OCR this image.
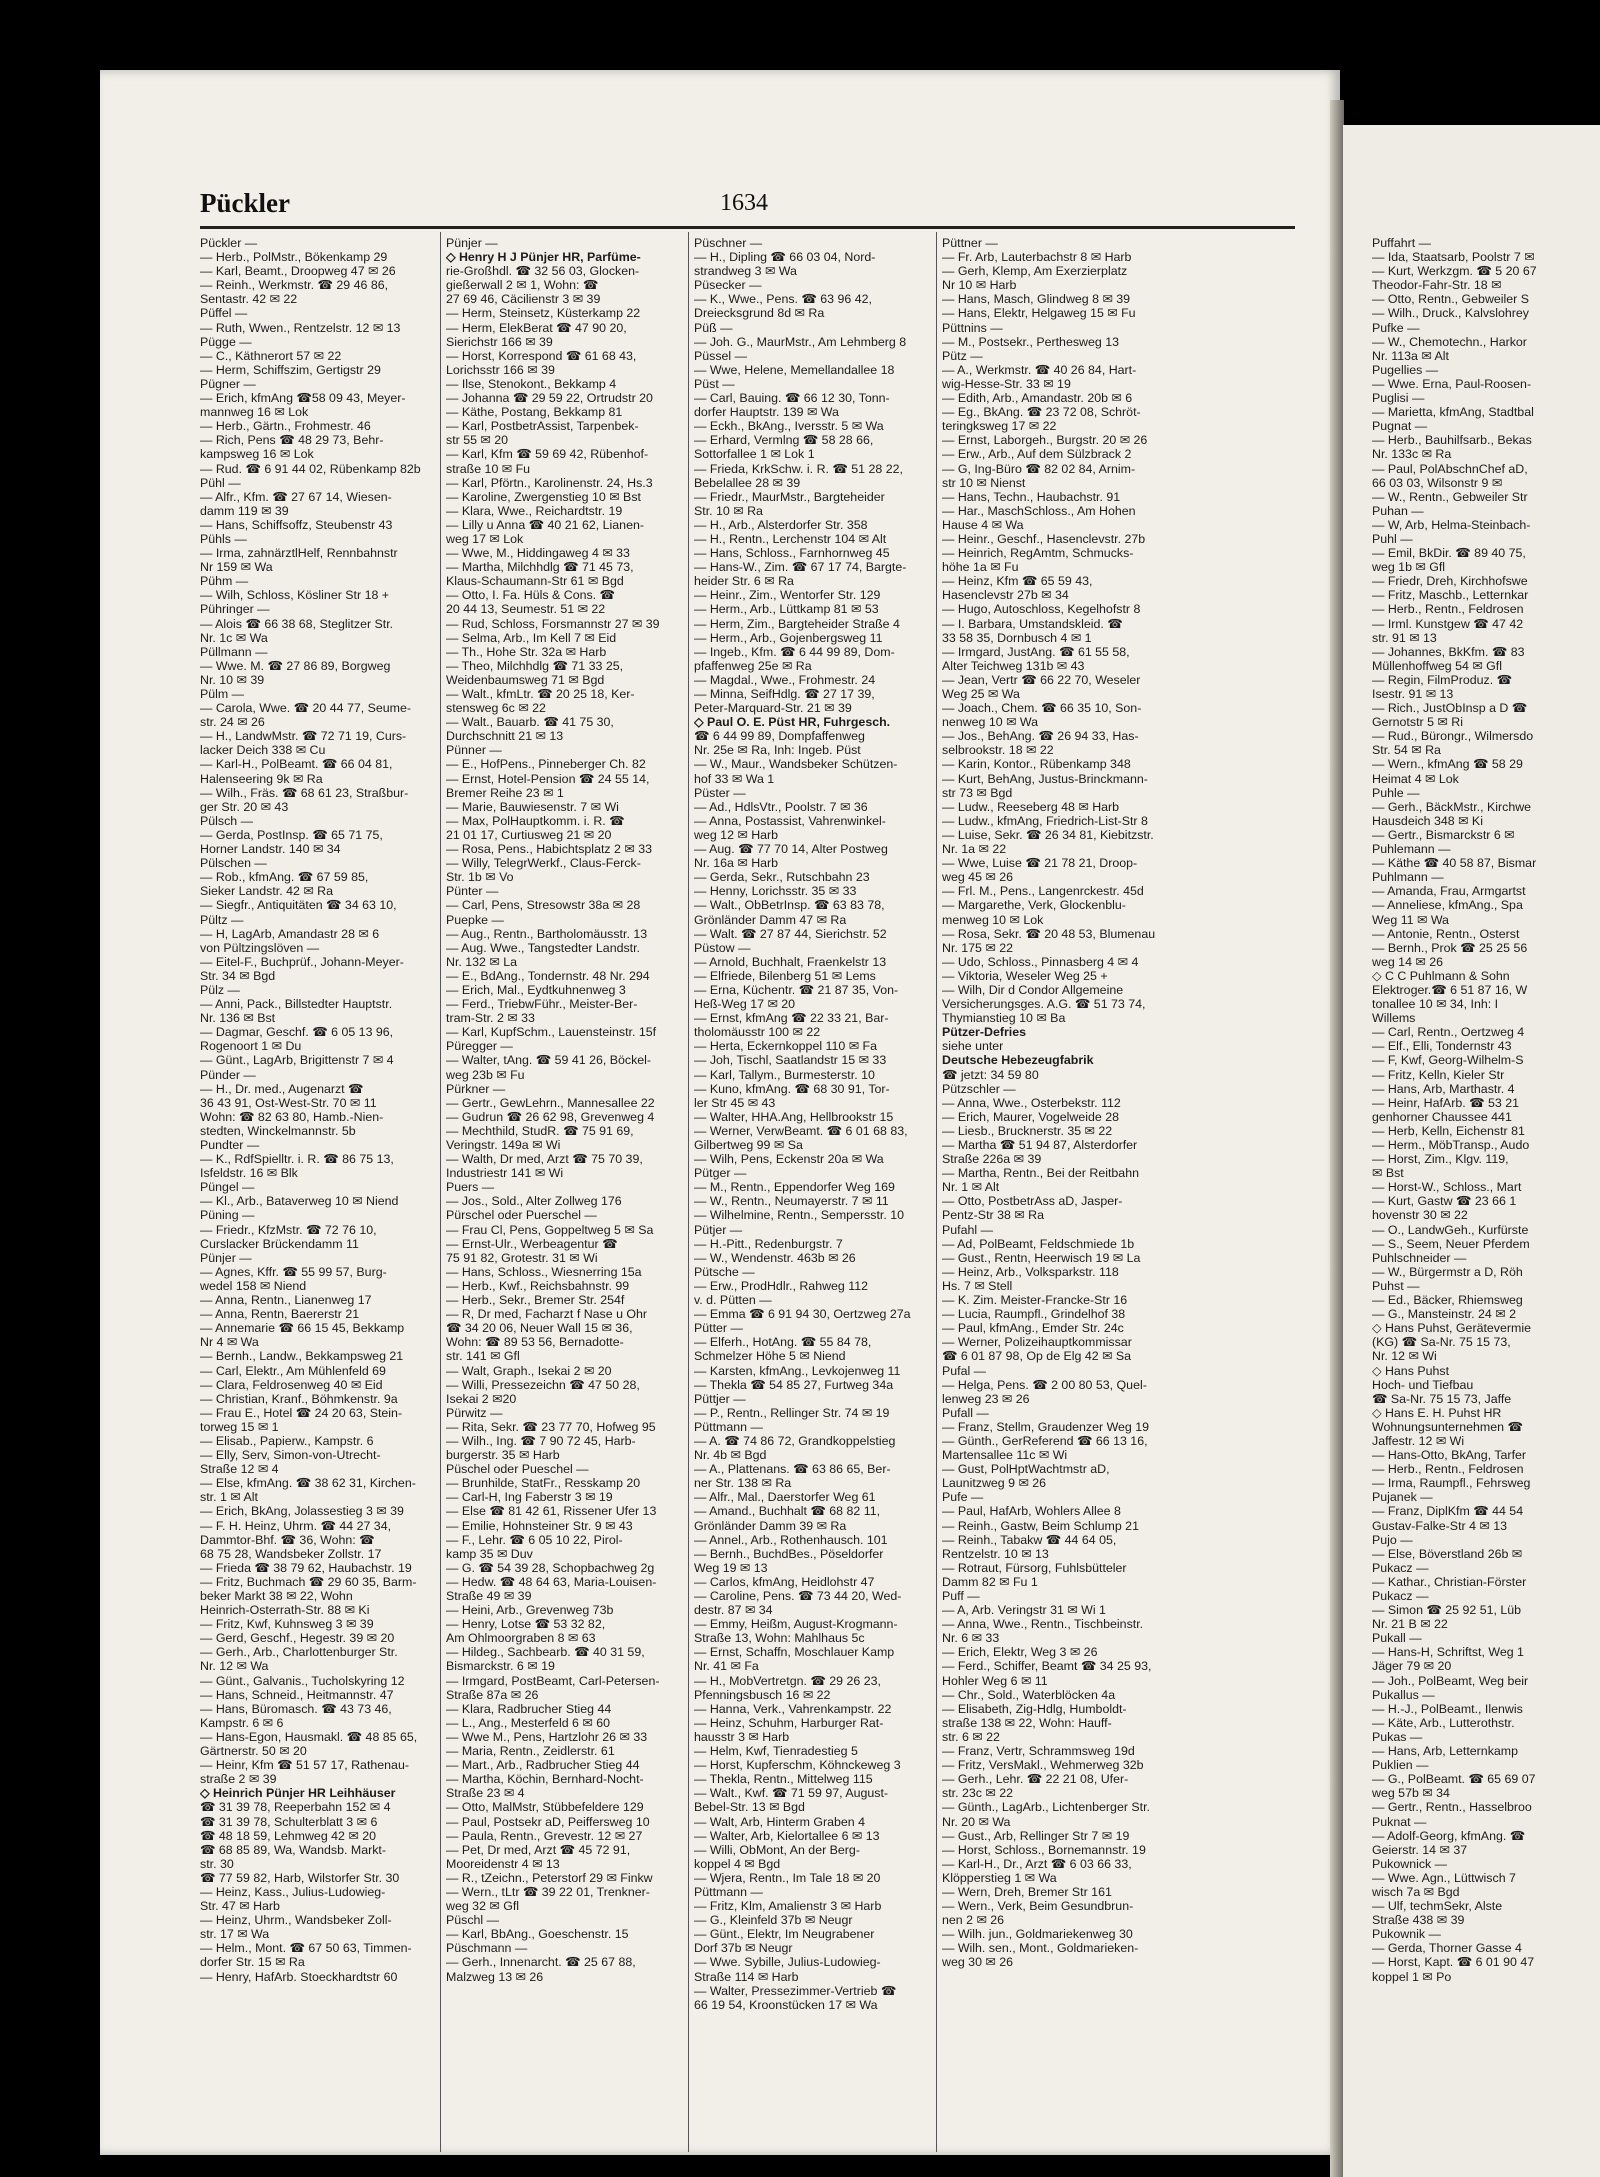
Pückler	1634
Pückler —
— Herb., PolMstr., Bökenkamp 29
— Karl, Beamt., Droopweg 47 ✉ 26
— Reinh., Werkmstr. ☎ 29 46 86,
Sentastr. 42 ✉ 22
Püffel —
— Ruth, Wwen., Rentzelstr. 12 ✉ 13
Pügge —
— C., Käthnerort 57 ✉ 22
— Herm, Schiffszim, Gertigstr 29
Pügner —
— Erich, kfmAng ☎58 09 43, Meyer-
mannweg 16 ✉ Lok
— Herb., Gärtn., Frohmestr. 46
— Rich, Pens ☎ 48 29 73, Behr-
kampsweg 16 ✉ Lok
— Rud. ☎ 6 91 44 02, Rübenkamp 82b
Pühl —
— Alfr., Kfm. ☎ 27 67 14, Wiesen-
damm 119 ✉ 39
— Hans, Schiffsoffz, Steubenstr 43
Pühls —
— Irma, zahnärztlHelf, Rennbahnstr
Nr 159 ✉ Wa
Pühm —
— Wilh, Schloss, Kösliner Str 18 +
Pühringer —
— Alois ☎ 66 38 68, Steglitzer Str.
Nr. 1c ✉ Wa
Püllmann —
— Wwe. M. ☎ 27 86 89, Borgweg
Nr. 10 ✉ 39
Pülm —
— Carola, Wwe. ☎ 20 44 77, Seume-
str. 24 ✉ 26
— H., LandwMstr. ☎ 72 71 19, Curs-
lacker Deich 338 ✉ Cu
— Karl-H., PolBeamt. ☎ 66 04 81,
Halenseering 9k ✉ Ra
— Wilh., Fräs. ☎ 68 61 23, Straßbur-
ger Str. 20 ✉ 43
Pülsch —
— Gerda, PostInsp. ☎ 65 71 75,
Horner Landstr. 140 ✉ 34
Pülschen —
— Rob., kfmAng. ☎ 67 59 85,
Sieker Landstr. 42 ✉ Ra
— Siegfr., Antiquitäten ☎ 34 63 10,
Pültz —
— H, LagArb, Amandastr 28 ✉ 6
von Pültzingslöven —
— Eitel-F., Buchprüf., Johann-Meyer-
Str. 34 ✉ Bgd
Pülz —
— Anni, Pack., Billstedter Hauptstr.
Nr. 136 ✉ Bst
— Dagmar, Geschf. ☎ 6 05 13 96,
Rogenoort 1 ✉ Du
— Günt., LagArb, Brigittenstr 7 ✉ 4
Pünder —
— H., Dr. med., Augenarzt ☎
36 43 91, Ost-West-Str. 70 ✉ 11
Wohn: ☎ 82 63 80, Hamb.-Nien-
stedten, Winckelmannstr. 5b
Pundter —
— K., RdfSpielltr. i. R. ☎ 86 75 13,
Isfeldstr. 16 ✉ Blk
Püngel —
— Kl., Arb., Bataverweg 10 ✉ Niend
Püning —
— Friedr., KfzMstr. ☎ 72 76 10,
Curslacker Brückendamm 11
Pünjer —
— Agnes, Kffr. ☎ 55 99 57, Burg-
wedel 158 ✉ Niend
— Anna, Rentn., Lianenweg 17
— Anna, Rentn, Baererstr 21
— Annemarie ☎ 66 15 45, Bekkamp
Nr 4 ✉ Wa
— Bernh., Landw., Bekkampsweg 21
— Carl, Elektr., Am Mühlenfeld 69
— Clara, Feldrosenweg 40 ✉ Eid
— Christian, Kranf., Böhmkenstr. 9a
— Frau E., Hotel ☎ 24 20 63, Stein-
torweg 15 ✉ 1
— Elisab., Papierw., Kampstr. 6
— Elly, Serv, Simon-von-Utrecht-
Straße 12 ✉ 4
— Else, kfmAng. ☎ 38 62 31, Kirchen-
str. 1 ✉ Alt
— Erich, BkAng, Jolassestieg 3 ✉ 39
— F. H. Heinz, Uhrm. ☎ 44 27 34,
Dammtor-Bhf. ☎ 36, Wohn: ☎
68 75 28, Wandsbeker Zollstr. 17
— Frieda ☎ 38 79 62, Haubachstr. 19
— Fritz, Buchmach ☎ 29 60 35, Barm-
beker Markt 38 ✉ 22, Wohn
Heinrich-Osterrath-Str. 88 ✉ Ki
— Fritz, Kwf, Kuhnsweg 3 ✉ 39
— Gerd, Geschf., Hegestr. 39 ✉ 20
— Gerh., Arb., Charlottenburger Str.
Nr. 12 ✉ Wa
— Günt., Galvanis., Tucholskyring 12
— Hans, Schneid., Heitmannstr. 47
— Hans, Büromasch. ☎ 43 73 46,
Kampstr. 6 ✉ 6
— Hans-Egon, Hausmakl. ☎ 48 85 65,
Gärtnerstr. 50 ✉ 20
— Heinr, Kfm ☎ 51 57 17, Rathenau-
straße 2 ✉ 39
◇ Heinrich Pünjer HR Leihhäuser
☎ 31 39 78, Reeperbahn 152 ✉ 4
☎ 31 39 78, Schulterblatt 3 ✉ 6
☎ 48 18 59, Lehmweg 42 ✉ 20
☎ 68 85 89, Wa, Wandsb. Markt-
str. 30
☎ 77 59 82, Harb, Wilstorfer Str. 30
— Heinz, Kass., Julius-Ludowieg-
Str. 47 ✉ Harb
— Heinz, Uhrm., Wandsbeker Zoll-
str. 17 ✉ Wa
— Helm., Mont. ☎ 67 50 63, Timmen-
dorfer Str. 15 ✉ Ra
— Henry, HafArb. Stoeckhardtstr 60
Pünjer —
◇ Henry H J Pünjer HR, Parfüme-
rie-Großhdl. ☎ 32 56 03, Glocken-
gießerwall 2 ✉ 1, Wohn: ☎
27 69 46, Cäcilienstr 3 ✉ 39
— Herm, Steinsetz, Küsterkamp 22
— Herm, ElekBerat ☎ 47 90 20,
Sierichstr 166 ✉ 39
— Horst, Korrespond ☎ 61 68 43,
Lorichsstr 166 ✉ 39
— Ilse, Stenokont., Bekkamp 4
— Johanna ☎ 29 59 22, Ortrudstr 20
— Käthe, Postang, Bekkamp 81
— Karl, PostbetrAssist, Tarpenbek-
str 55 ✉ 20
— Karl, Kfm ☎ 59 69 42, Rübenhof-
straße 10 ✉ Fu
— Karl, Pförtn., Karolinenstr. 24, Hs.3
— Karoline, Zwergenstieg 10 ✉ Bst
— Klara, Wwe., Reichardtstr. 19
— Lilly u Anna ☎ 40 21 62, Lianen-
weg 17 ✉ Lok
— Wwe, M., Hiddingaweg 4 ✉ 33
— Martha, Milchhdlg ☎ 71 45 73,
Klaus-Schaumann-Str 61 ✉ Bgd
— Otto, I. Fa. Hüls & Cons. ☎
20 44 13, Seumestr. 51 ✉ 22
— Rud, Schloss, Forsmannstr 27 ✉ 39
— Selma, Arb., Im Kell 7 ✉ Eid
— Th., Hohe Str. 32a ✉ Harb
— Theo, Milchhdlg ☎ 71 33 25,
Weidenbaumsweg 71 ✉ Bgd
— Walt., kfmLtr. ☎ 20 25 18, Ker-
stensweg 6c ✉ 22
— Walt., Bauarb. ☎ 41 75 30,
Durchschnitt 21 ✉ 13
Pünner —
— E., HofPens., Pinneberger Ch. 82
— Ernst, Hotel-Pension ☎ 24 55 14,
Bremer Reihe 23 ✉ 1
— Marie, Bauwiesenstr. 7 ✉ Wi
— Max, PolHauptkomm. i. R. ☎
21 01 17, Curtiusweg 21 ✉ 20
— Rosa, Pens., Habichtsplatz 2 ✉ 33
— Willy, TelegrWerkf., Claus-Ferck-
Str. 1b ✉ Vo
Pünter —
— Carl, Pens, Stresowstr 38a ✉ 28
Puepke —
— Aug., Rentn., Bartholomäusstr. 13
— Aug. Wwe., Tangstedter Landstr.
Nr. 132 ✉ La
— E., BdAng., Tondernstr. 48 Nr. 294
— Erich, Mal., Eydtkuhnenweg 3
— Ferd., TriebwFühr., Meister-Ber-
tram-Str. 2 ✉ 33
— Karl, KupfSchm., Lauensteinstr. 15f
Püregger —
— Walter, tAng. ☎ 59 41 26, Böckel-
weg 23b ✉ Fu
Pürkner —
— Gertr., GewLehrn., Mannesallee 22
— Gudrun ☎ 26 62 98, Grevenweg 4
— Mechthild, StudR. ☎ 75 91 69,
Veringstr. 149a ✉ Wi
— Walth, Dr med, Arzt ☎ 75 70 39,
Industriestr 141 ✉ Wi
Puers —
— Jos., Sold., Alter Zollweg 176
Pürschel oder Puerschel —
— Frau Cl, Pens, Goppeltweg 5 ✉ Sa
— Ernst-Ulr., Werbeagentur ☎
75 91 82, Grotestr. 31 ✉ Wi
— Hans, Schloss., Wiesnerring 15a
— Herb., Kwf., Reichsbahnstr. 99
— Herb., Sekr., Bremer Str. 254f
— R, Dr med, Facharzt f Nase u Ohr
☎ 34 20 06, Neuer Wall 15 ✉ 36,
Wohn: ☎ 89 53 56, Bernadotte-
str. 141 ✉ Gfl
— Walt, Graph., Isekai 2 ✉ 20
— Willi, Pressezeichn ☎ 47 50 28,
Isekai 2 ✉20
Pürwitz —
— Rita, Sekr. ☎ 23 77 70, Hofweg 95
— Wilh., Ing. ☎ 7 90 72 45, Harb-
burgerstr. 35 ✉ Harb
Püschel oder Pueschel —
— Brunhilde, StatFr., Resskamp 20
— Carl-H, Ing Faberstr 3 ✉ 19
— Else ☎ 81 42 61, Rissener Ufer 13
— Emilie, Hohnsteiner Str. 9 ✉ 43
— F., Lehr. ☎ 6 05 10 22, Pirol-
kamp 35 ✉ Duv
— G. ☎ 54 39 28, Schopbachweg 2g
— Hedw. ☎ 48 64 63, Maria-Louisen-
Straße 49 ✉ 39
— Heini, Arb., Grevenweg 73b
— Henry, Lotse ☎ 53 32 82,
Am Ohlmoorgraben 8 ✉ 63
— Hildeg., Sachbearb. ☎ 40 31 59,
Bismarckstr. 6 ✉ 19
— Irmgard, PostBeamt, Carl-Petersen-
Straße 87a ✉ 26
— Klara, Radbrucher Stieg 44
— L., Ang., Mesterfeld 6 ✉ 60
— Wwe M., Pens, Hartzlohr 26 ✉ 33
— Maria, Rentn., Zeidlerstr. 61
— Mart., Arb., Radbrucher Stieg 44
— Martha, Köchin, Bernhard-Nocht-
Straße 23 ✉ 4
— Otto, MalMstr, Stübbefeldere 129
— Paul, Postsekr aD, Peiffersweg 10
— Paula, Rentn., Grevestr. 12 ✉ 27
— Pet, Dr med, Arzt ☎ 45 72 91,
Mooreidenstr 4 ✉ 13
— R., tZeichn., Peterstorf 29 ✉ Finkw
— Wern., tLtr ☎ 39 22 01, Trenkner-
weg 32 ✉ Gfl
Püschl —
— Karl, BbAng., Goeschenstr. 15
Püschmann —
— Gerh., Innenarcht. ☎ 25 67 88,
Malzweg 13 ✉ 26
Püschner —
— H., Dipling ☎ 66 03 04, Nord-
strandweg 3 ✉ Wa
Püsecker —
— K., Wwe., Pens. ☎ 63 96 42,
Dreiecksgrund 8d ✉ Ra
Püß —
— Joh. G., MaurMstr., Am Lehmberg 8
Püssel —
— Wwe, Helene, Memellandallee 18
Püst —
— Carl, Bauing. ☎ 66 12 30, Tonn-
dorfer Hauptstr. 139 ✉ Wa
— Eckh., BkAng., Iversstr. 5 ✉ Wa
— Erhard, Vermlng ☎ 58 28 66,
Sottorfallee 1 ✉ Lok 1
— Frieda, KrkSchw. i. R. ☎ 51 28 22,
Bebelallee 28 ✉ 39
— Friedr., MaurMstr., Bargteheider
Str. 10 ✉ Ra
— H., Arb., Alsterdorfer Str. 358
— H., Rentn., Lerchenstr 104 ✉ Alt
— Hans, Schloss., Farnhornweg 45
— Hans-W., Zim. ☎ 67 17 74, Bargte-
heider Str. 6 ✉ Ra
— Heinr., Zim., Wentorfer Str. 129
— Herm., Arb., Lüttkamp 81 ✉ 53
— Herm, Zim., Bargteheider Straße 4
— Herm., Arb., Gojenbergsweg 11
— Ingeb., Kfm. ☎ 6 44 99 89, Dom-
pfaffenweg 25e ✉ Ra
— Magdal., Wwe., Frohmestr. 24
— Minna, SeifHdlg. ☎ 27 17 39,
Peter-Marquard-Str. 21 ✉ 39
◇ Paul O. E. Püst HR, Fuhrgesch.
☎ 6 44 99 89, Dompfaffenweg
Nr. 25e ✉ Ra, Inh: Ingeb. Püst
— W., Maur., Wandsbeker Schützen-
hof 33 ✉ Wa 1
Püster —
— Ad., HdlsVtr., Poolstr. 7 ✉ 36
— Anna, Postassist, Vahrenwinkel-
weg 12 ✉ Harb
— Aug. ☎ 77 70 14, Alter Postweg
Nr. 16a ✉ Harb
— Gerda, Sekr., Rutschbahn 23
— Henny, Lorichsstr. 35 ✉ 33
— Walt., ObBetrInsp. ☎ 63 83 78,
Grönländer Damm 47 ✉ Ra
— Walt. ☎ 27 87 44, Sierichstr. 52
Püstow —
— Arnold, Buchhalt, Fraenkelstr 13
— Elfriede, Bilenberg 51 ✉ Lems
— Erna, Küchentr. ☎ 21 87 35, Von-
Heß-Weg 17 ✉ 20
— Ernst, kfmAng ☎ 22 33 21, Bar-
tholomäusstr 100 ✉ 22
— Herta, Eckernkoppel 110 ✉ Fa
— Joh, Tischl, Saatlandstr 15 ✉ 33
— Karl, Tallym., Burmesterstr. 10
— Kuno, kfmAng. ☎ 68 30 91, Tor-
ler Str 45 ✉ 43
— Walter, HHA.Ang, Hellbrookstr 15
— Werner, VerwBeamt. ☎ 6 01 68 83,
Gilbertweg 99 ✉ Sa
— Wilh, Pens, Eckenstr 20a ✉ Wa
Pütger —
— M., Rentn., Eppendorfer Weg 169
— W., Rentn., Neumayerstr. 7 ✉ 11
— Wilhelmine, Rentn., Sempersstr. 10
Pütjer —
— H.-Pitt., Redenburgstr. 7
— W., Wendenstr. 463b ✉ 26
Pütsche —
— Erw., ProdHdlr., Rahweg 112
v. d. Pütten —
— Emma ☎ 6 91 94 30, Oertzweg 27a
Pütter —
— Elferh., HotAng. ☎ 55 84 78,
Schmelzer Höhe 5 ✉ Niend
— Karsten, kfmAng., Levkojenweg 11
— Thekla ☎ 54 85 27, Furtweg 34a
Püttjer —
— P., Rentn., Rellinger Str. 74 ✉ 19
Püttmann —
— A. ☎ 74 86 72, Grandkoppelstieg
Nr. 4b ✉ Bgd
— A., Plattenans. ☎ 63 86 65, Ber-
ner Str. 138 ✉ Ra
— Alfr., Mal., Daerstorfer Weg 61
— Amand., Buchhalt ☎ 68 82 11,
Grönländer Damm 39 ✉ Ra
— Annel., Arb., Rothenhausch. 101
— Bernh., BuchdBes., Pöseldorfer
Weg 19 ✉ 13
— Carlos, kfmAng, Heidlohstr 47
— Caroline, Pens. ☎ 73 44 20, Wed-
destr. 87 ✉ 34
— Emmy, Heißm, August-Krogmann-
Straße 13, Wohn: Mahlhaus 5c
— Ernst, Schaffn, Moschlauer Kamp
Nr. 41 ✉ Fa
— H., MobVertretgn. ☎ 29 26 23,
Pfenningsbusch 16 ✉ 22
— Hanna, Verk., Vahrenkampstr. 22
— Heinz, Schuhm, Harburger Rat-
hausstr 3 ✉ Harb
— Helm, Kwf, Tienradestieg 5
— Horst, Kupferschm, Köhnckeweg 3
— Thekla, Rentn., Mittelweg 115
— Walt., Kwf. ☎ 71 59 97, August-
Bebel-Str. 13 ✉ Bgd
— Walt, Arb, Hinterm Graben 4
— Walter, Arb, Kielortallee 6 ✉ 13
— Willi, ObMont, An der Berg-
koppel 4 ✉ Bgd
— Wjera, Rentn., Im Tale 18 ✉ 20
Püttmann —
— Fritz, Klm, Amalienstr 3 ✉ Harb
— G., Kleinfeld 37b ✉ Neugr
— Günt., Elektr, Im Neugrabener
Dorf 37b ✉ Neugr
— Wwe. Sybille, Julius-Ludowieg-
Straße 114 ✉ Harb
— Walter, Pressezimmer-Vertrieb ☎
66 19 54, Kroonstücken 17 ✉ Wa
Püttner —
— Fr. Arb, Lauterbachstr 8 ✉ Harb
— Gerh, Klemp, Am Exerzierplatz
Nr 10 ✉ Harb
— Hans, Masch, Glindweg 8 ✉ 39
— Hans, Elektr, Helgaweg 15 ✉ Fu
Püttnins —
— M., Postsekr., Perthesweg 13
Pütz —
— A., Werkmstr. ☎ 40 26 84, Hart-
wig-Hesse-Str. 33 ✉ 19
— Edith, Arb., Amandastr. 20b ✉ 6
— Eg., BkAng. ☎ 23 72 08, Schröt-
teringksweg 17 ✉ 22
— Ernst, Laborgeh., Burgstr. 20 ✉ 26
— Erw., Arb., Auf dem Sülzbrack 2
— G, Ing-Büro ☎ 82 02 84, Arnim-
str 10 ✉ Nienst
— Hans, Techn., Haubachstr. 91
— Har., MaschSchloss., Am Hohen
Hause 4 ✉ Wa
— Heinr., Geschf., Hasenclevstr. 27b
— Heinrich, RegAmtm, Schmucks-
höhe 1a ✉ Fu
— Heinz, Kfm ☎ 65 59 43,
Hasenclevstr 27b ✉ 34
— Hugo, Autoschloss, Kegelhofstr 8
— I. Barbara, Umstandskleid. ☎
33 58 35, Dornbusch 4 ✉ 1
— Irmgard, JustAng. ☎ 61 55 58,
Alter Teichweg 131b ✉ 43
— Jean, Vertr ☎ 66 22 70, Weseler
Weg 25 ✉ Wa
— Joach., Chem. ☎ 66 35 10, Son-
nenweg 10 ✉ Wa
— Jos., BehAng. ☎ 26 94 33, Has-
selbrookstr. 18 ✉ 22
— Karin, Kontor., Rübenkamp 348
— Kurt, BehAng, Justus-Brinckmann-
str 73 ✉ Bgd
— Ludw., Reeseberg 48 ✉ Harb
— Ludw., kfmAng, Friedrich-List-Str 8
— Luise, Sekr. ☎ 26 34 81, Kiebitzstr.
Nr. 1a ✉ 22
— Wwe, Luise ☎ 21 78 21, Droop-
weg 45 ✉ 26
— Frl. M., Pens., Langenrckestr. 45d
— Margarethe, Verk, Glockenblu-
menweg 10 ✉ Lok
— Rosa, Sekr. ☎ 20 48 53, Blumenau
Nr. 175 ✉ 22
— Udo, Schloss., Pinnasberg 4 ✉ 4
— Viktoria, Weseler Weg 25 +
— Wilh, Dir d Condor Allgemeine
Versicherungsges. A.G. ☎ 51 73 74,
Thymianstieg 10 ✉ Ba
Pützer-Defries
siehe unter
Deutsche Hebezeugfabrik
☎ jetzt: 34 59 80
Pützschler —
— Anna, Wwe., Osterbekstr. 112
— Erich, Maurer, Vogelweide 28
— Liesb., Brucknerstr. 35 ✉ 22
— Martha ☎ 51 94 87, Alsterdorfer
Straße 226a ✉ 39
— Martha, Rentn., Bei der Reitbahn
Nr. 1 ✉ Alt
— Otto, PostbetrAss aD, Jasper-
Pentz-Str 38 ✉ Ra
Pufahl —
— Ad, PolBeamt, Feldschmiede 1b
— Gust., Rentn, Heerwisch 19 ✉ La
— Heinz, Arb., Volksparkstr. 118
Hs. 7 ✉ Stell
— K. Zim. Meister-Francke-Str 16
— Lucia, Raumpfl., Grindelhof 38
— Paul, kfmAng., Emder Str. 24c
— Werner, Polizeihauptkommissar
☎ 6 01 87 98, Op de Elg 42 ✉ Sa
Pufal —
— Helga, Pens. ☎ 2 00 80 53, Quel-
lenweg 23 ✉ 26
Pufall —
— Franz, Stellm, Graudenzer Weg 19
— Günth., GerReferend ☎ 66 13 16,
Martensallee 11c ✉ Wi
— Gust, PolHptWachtmstr aD,
Launitzweg 9 ✉ 26
Pufe —
— Paul, HafArb, Wohlers Allee 8
— Reinh., Gastw, Beim Schlump 21
— Reinh., Tabakw ☎ 44 64 05,
Rentzelstr. 10 ✉ 13
— Rotraut, Fürsorg, Fuhlsbütteler
Damm 82 ✉ Fu 1
Puff —
— A, Arb. Veringstr 31 ✉ Wi 1
— Anna, Wwe., Rentn., Tischbeinstr.
Nr. 6 ✉ 33
— Erich, Elektr, Weg 3 ✉ 26
— Ferd., Schiffer, Beamt ☎ 34 25 93,
Hohler Weg 6 ✉ 11
— Chr., Sold., Waterblöcken 4a
— Elisabeth, Zig-Hdlg, Humboldt-
straße 138 ✉ 22, Wohn: Hauff-
str. 6 ✉ 22
— Franz, Vertr, Schrammsweg 19d
— Fritz, VersMakl., Wehmerweg 32b
— Gerh., Lehr. ☎ 22 21 08, Ufer-
str. 23c ✉ 22
— Günth., LagArb., Lichtenberger Str.
Nr. 20 ✉ Wa
— Gust., Arb, Rellinger Str 7 ✉ 19
— Horst, Schloss., Bornemannstr. 19
— Karl-H., Dr., Arzt ☎ 6 03 66 33,
Klöpperstieg 1 ✉ Wa
— Wern, Dreh, Bremer Str 161
— Wern., Verk, Beim Gesundbrun-
nen 2 ✉ 26
— Wilh. jun., Goldmariekenweg 30
— Wilh. sen., Mont., Goldmarieken-
weg 30 ✉ 26
Puffahrt —
— Ida, Staatsarb, Poolstr 7 ✉
— Kurt, Werkzgm. ☎ 5 20 67
Theodor-Fahr-Str. 18 ✉
— Otto, Rentn., Gebweiler S
— Wilh., Druck., Kalvslohrey
Pufke —
— W., Chemotechn., Harkor
Nr. 113a ✉ Alt
Pugellies —
— Wwe. Erna, Paul-Roosen-
Puglisi —
— Marietta, kfmAng, Stadtbal
Pugnat —
— Herb., Bauhilfsarb., Bekas
Nr. 133c ✉ Ra
— Paul, PolAbschnChef aD,
66 03 03, Wilsonstr 9 ✉
— W., Rentn., Gebweiler Str
Puhan —
— W, Arb, Helma-Steinbach-
Puhl —
— Emil, BkDir. ☎ 89 40 75,
weg 1b ✉ Gfl
— Friedr, Dreh, Kirchhofswe
— Fritz, Maschb., Letternkar
— Herb., Rentn., Feldrosen
— Irml. Kunstgew ☎ 47 42
str. 91 ✉ 13
— Johannes, BkKfm. ☎ 83
Müllenhoffweg 54 ✉ Gfl
— Regin, FilmProduz. ☎
Isestr. 91 ✉ 13
— Rich., JustObInsp a D ☎
Gernotstr 5 ✉ Ri
— Rud., Bürongr., Wilmersdo
Str. 54 ✉ Ra
— Wern., kfmAng ☎ 58 29
Heimat 4 ✉ Lok
Puhle —
— Gerh., BäckMstr., Kirchwe
Hausdeich 348 ✉ Ki
— Gertr., Bismarckstr 6 ✉
Puhlemann —
— Käthe ☎ 40 58 87, Bismar
Puhlmann —
— Amanda, Frau, Armgartst
— Anneliese, kfmAng., Spa
Weg 11 ✉ Wa
— Antonie, Rentn., Osterst
— Bernh., Prok ☎ 25 25 56
weg 14 ✉ 26
◇ C C Puhlmann & Sohn
Elektroger.☎ 6 51 87 16, W
tonallee 10 ✉ 34, Inh: I
Willems
— Carl, Rentn., Oertzweg 4
— Elf., Elli, Tondernstr 43
— F, Kwf, Georg-Wilhelm-S
— Fritz, Kelln, Kieler Str
— Hans, Arb, Marthastr. 4
— Heinr, HafArb. ☎ 53 21
genhorner Chaussee 441
— Herb, Kelln, Eichenstr 81
— Herm., MöbTransp., Audo
— Horst, Zim., Klgv. 119,
✉ Bst
— Horst-W., Schloss., Mart
— Kurt, Gastw ☎ 23 66 1
hovenstr 30 ✉ 22
— O., LandwGeh., Kurfürste
— S., Seem, Neuer Pferdem
Puhlschneider —
— W., Bürgermstr a D, Röh
Puhst —
— Ed., Bäcker, Rhiemsweg
— G., Mansteinstr. 24 ✉ 2
◇ Hans Puhst, Gerätevermie
(KG) ☎ Sa-Nr. 75 15 73,
Nr. 12 ✉ Wi
◇ Hans Puhst
Hoch- und Tiefbau
☎ Sa-Nr. 75 15 73, Jaffe
◇ Hans E. H. Puhst HR
Wohnungsunternehmen ☎
Jaffestr. 12 ✉ Wi
— Hans-Otto, BkAng, Tarfer
— Herb., Rentn., Feldrosen
— Irma, Raumpfl., Fehrsweg
Pujanek —
— Franz, DiplKfm ☎ 44 54
Gustav-Falke-Str 4 ✉ 13
Pujo —
— Else, Böverstland 26b ✉
Pukacz —
— Kathar., Christian-Förster
Pukacz —
— Simon ☎ 25 92 51, Lüb
Nr. 21 B ✉ 22
Pukall —
— Hans-H, Schriftst, Weg 1
Jäger 79 ✉ 20
— Joh., PolBeamt, Weg beir
Pukallus —
— H.-J., PolBeamt., Ilenwis
— Käte, Arb., Lutterothstr.
Pukas —
— Hans, Arb, Letternkamp
Puklien —
— G., PolBeamt. ☎ 65 69 07
weg 57b ✉ 34
— Gertr., Rentn., Hasselbroo
Puknat —
— Adolf-Georg, kfmAng. ☎
Geierstr. 14 ✉ 37
Pukownick —
— Wwe. Agn., Lüttwisch 7
wisch 7a ✉ Bgd
— Ulf, techmSekr, Alste
Straße 438 ✉ 39
Pukownik —
— Gerda, Thorner Gasse 4
— Horst, Kapt. ☎ 6 01 90 47
koppel 1 ✉ Po
